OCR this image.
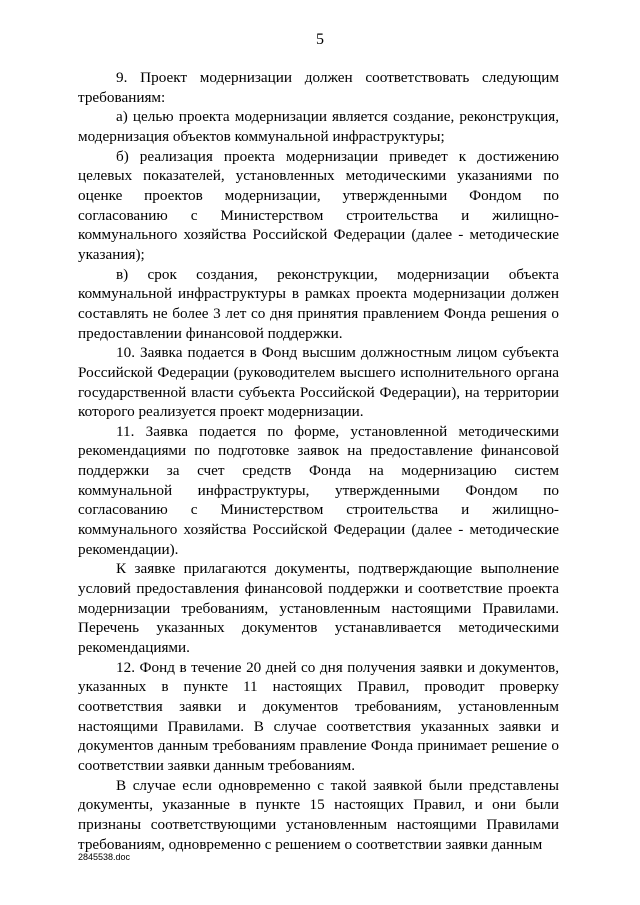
5

9. Проект модернизации должен соответствовать следующим требованиям:

а) целью проекта модернизации является создание, реконструкция, модернизация объектов коммунальной инфраструктуры;

б) реализация проекта модернизации приведет к достижению целевых показателей, установленных методическими указаниями по оценке проектов модернизации, утвержденными Фондом по согласованию с Министерством строительства и жилищно-коммунального хозяйства Российской Федерации (далее - методические указания);

в) срок создания, реконструкции, модернизации объекта коммунальной инфраструктуры в рамках проекта модернизации должен составлять не более 3 лет со дня принятия правлением Фонда решения о предоставлении финансовой поддержки.

10. Заявка подается в Фонд высшим должностным лицом субъекта Российской Федерации (руководителем высшего исполнительного органа государственной власти субъекта Российской Федерации), на территории которого реализуется проект модернизации.

11. Заявка подается по форме, установленной методическими рекомендациями по подготовке заявок на предоставление финансовой поддержки за счет средств Фонда на модернизацию систем коммунальной инфраструктуры, утвержденными Фондом по согласованию с Министерством строительства и жилищно-коммунального хозяйства Российской Федерации (далее - методические рекомендации).

К заявке прилагаются документы, подтверждающие выполнение условий предоставления финансовой поддержки и соответствие проекта модернизации требованиям, установленным настоящими Правилами. Перечень указанных документов устанавливается методическими рекомендациями.

12. Фонд в течение 20 дней со дня получения заявки и документов, указанных в пункте 11 настоящих Правил, проводит проверку соответствия заявки и документов требованиям, установленным настоящими Правилами. В случае соответствия указанных заявки и документов данным требованиям правление Фонда принимает решение о соответствии заявки данным требованиям.

В случае если одновременно с такой заявкой были представлены документы, указанные в пункте 15 настоящих Правил, и они были признаны соответствующими установленным настоящими Правилами требованиям, одновременно с решением о соответствии заявки данным

2845538.doc
